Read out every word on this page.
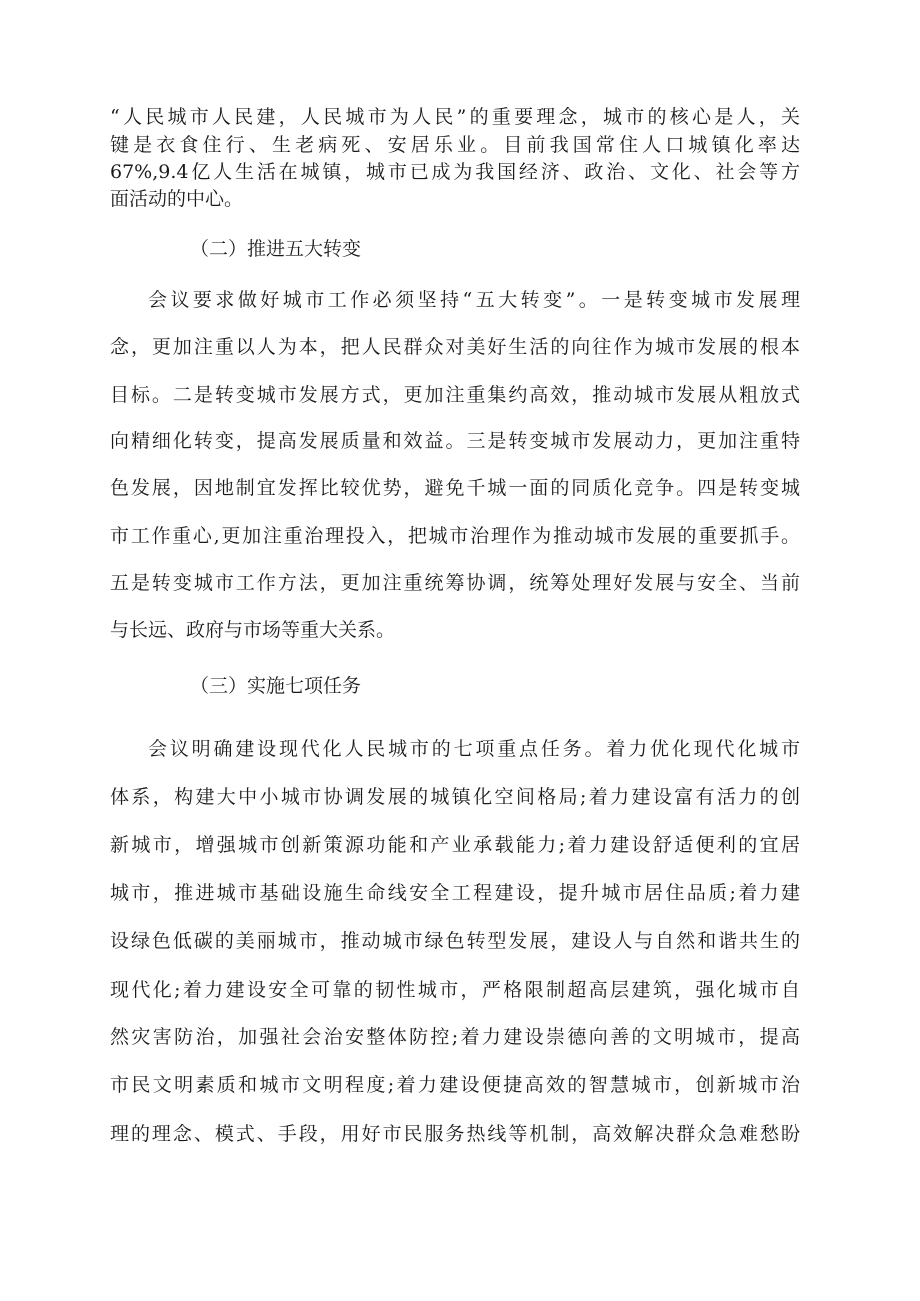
“人民城市人民建，人民城市为人民”的重要理念，城市的核心是人，关
键是衣食住行、生老病死、安居乐业。目前我国常住人口城镇化率达
67%,9.4亿人生活在城镇，城市已成为我国经济、政治、文化、社会等方
面活动的中心。
（二）推进五大转变
会议要求做好城市工作必须坚持“五大转变”。一是转变城市发展理
念，更加注重以人为本，把人民群众对美好生活的向往作为城市发展的根本
目标。二是转变城市发展方式，更加注重集约高效，推动城市发展从粗放式
向精细化转变，提高发展质量和效益。三是转变城市发展动力，更加注重特
色发展，因地制宜发挥比较优势，避免千城一面的同质化竞争。四是转变城
市工作重心,更加注重治理投入，把城市治理作为推动城市发展的重要抓手。
五是转变城市工作方法，更加注重统筹协调，统筹处理好发展与安全、当前
与长远、政府与市场等重大关系。
（三）实施七项任务
会议明确建设现代化人民城市的七项重点任务。着力优化现代化城市
体系，构建大中小城市协调发展的城镇化空间格局;着力建设富有活力的创
新城市，增强城市创新策源功能和产业承载能力;着力建设舒适便利的宜居
城市，推进城市基础设施生命线安全工程建设，提升城市居住品质;着力建
设绿色低碳的美丽城市，推动城市绿色转型发展，建设人与自然和谐共生的
现代化;着力建设安全可靠的韧性城市，严格限制超高层建筑，强化城市自
然灾害防治，加强社会治安整体防控;着力建设崇德向善的文明城市，提高
市民文明素质和城市文明程度;着力建设便捷高效的智慧城市，创新城市治
理的理念、模式、手段，用好市民服务热线等机制，高效解决群众急难愁盼
